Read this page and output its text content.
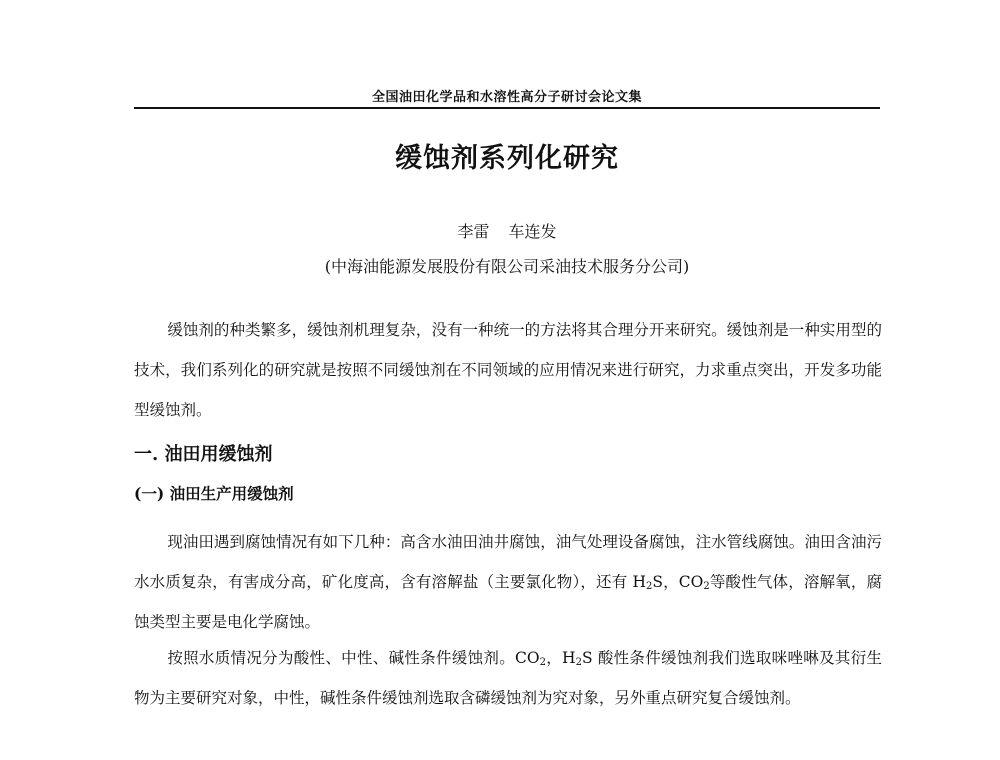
全国油田化学品和水溶性高分子研讨会论文集
缓蚀剂系列化研究
李雷 车连发
(中海油能源发展股份有限公司采油技术服务分公司)

缓蚀剂的种类繁多，缓蚀剂机理复杂，没有一种统一的方法将其合理分开来研究。缓蚀剂是一种实用型的技术，我们系列化的研究就是按照不同缓蚀剂在不同领域的应用情况来进行研究，力求重点突出，开发多功能型缓蚀剂。

一. 油田用缓蚀剂
(一) 油田生产用缓蚀剂

现油田遇到腐蚀情况有如下几种：高含水油田油井腐蚀，油气处理设备腐蚀，注水管线腐蚀。油田含油污水水质复杂，有害成分高，矿化度高，含有溶解盐（主要氯化物），还有 $H_2S$，$CO_2$等酸性气体，溶解氧，腐蚀类型主要是电化学腐蚀。

按照水质情况分为酸性、中性、碱性条件缓蚀剂。$CO_2$，$H_2S$ 酸性条件缓蚀剂我们选取咪唑啉及其衍生物为主要研究对象，中性，碱性条件缓蚀剂选取含磷缓蚀剂为究对象，另外重点研究复合缓蚀剂。
